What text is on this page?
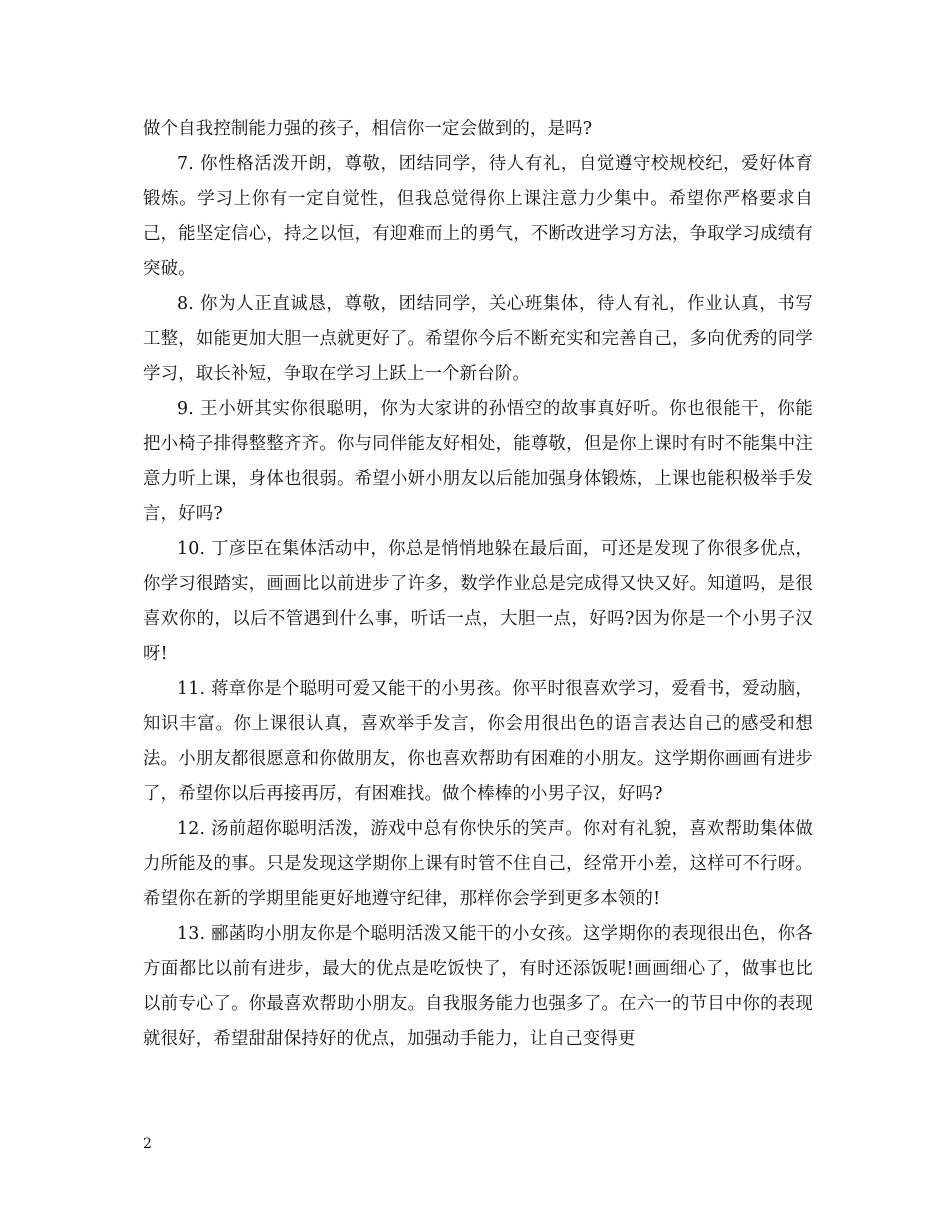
做个自我控制能力强的孩子，相信你一定会做到的，是吗?

7. 你性格活泼开朗，尊敬，团结同学，待人有礼，自觉遵守校规校纪，爱好体育锻炼。学习上你有一定自觉性，但我总觉得你上课注意力少集中。希望你严格要求自己，能坚定信心，持之以恒，有迎难而上的勇气，不断改进学习方法，争取学习成绩有突破。

8. 你为人正直诚恳，尊敬，团结同学，关心班集体，待人有礼，作业认真，书写工整，如能更加大胆一点就更好了。希望你今后不断充实和完善自己，多向优秀的同学学习，取长补短，争取在学习上跃上一个新台阶。

9. 王小妍其实你很聪明，你为大家讲的孙悟空的故事真好听。你也很能干，你能把小椅子排得整整齐齐。你与同伴能友好相处，能尊敬，但是你上课时有时不能集中注意力听上课，身体也很弱。希望小妍小朋友以后能加强身体锻炼，上课也能积极举手发言，好吗?

10. 丁彦臣在集体活动中，你总是悄悄地躲在最后面，可还是发现了你很多优点，你学习很踏实，画画比以前进步了许多，数学作业总是完成得又快又好。知道吗，是很喜欢你的，以后不管遇到什么事，听话一点，大胆一点，好吗?因为你是一个小男子汉呀!

11. 蒋章你是个聪明可爱又能干的小男孩。你平时很喜欢学习，爱看书，爱动脑，知识丰富。你上课很认真，喜欢举手发言，你会用很出色的语言表达自己的感受和想法。小朋友都很愿意和你做朋友，你也喜欢帮助有困难的小朋友。这学期你画画有进步了，希望你以后再接再厉，有困难找。做个棒棒的小男子汉，好吗?

12. 汤前超你聪明活泼，游戏中总有你快乐的笑声。你对有礼貌，喜欢帮助集体做力所能及的事。只是发现这学期你上课有时管不住自己，经常开小差，这样可不行呀。希望你在新的学期里能更好地遵守纪律，那样你会学到更多本领的!

13. 郦菡昀小朋友你是个聪明活泼又能干的小女孩。这学期你的表现很出色，你各方面都比以前有进步，最大的优点是吃饭快了，有时还添饭呢!画画细心了，做事也比以前专心了。你最喜欢帮助小朋友。自我服务能力也强多了。在六一的节目中你的表现就很好，希望甜甜保持好的优点，加强动手能力，让自己变得更

2
